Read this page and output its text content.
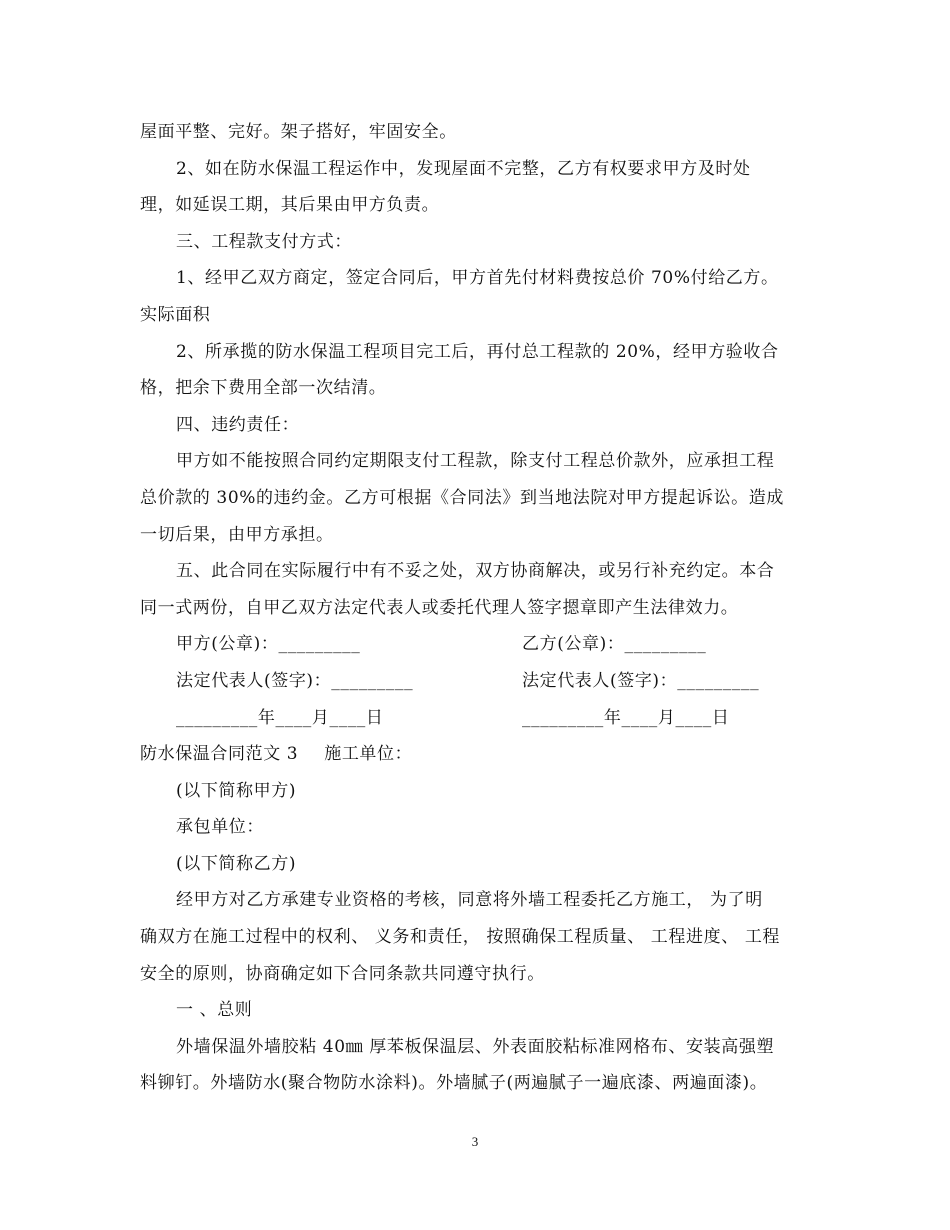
屋面平整、完好。架子搭好，牢固安全。

2、如在防水保温工程运作中，发现屋面不完整，乙方有权要求甲方及时处

理，如延误工期，其后果由甲方负责。

三、工程款支付方式：

1、经甲乙双方商定，签定合同后，甲方首先付材料费按总价 70%付给乙方。

实际面积

2、所承揽的防水保温工程项目完工后，再付总工程款的 20%，经甲方验收合

格，把余下费用全部一次结清。

四、违约责任：

甲方如不能按照合同约定期限支付工程款，除支付工程总价款外，应承担工程

总价款的 30%的违约金。乙方可根据《合同法》到当地法院对甲方提起诉讼。造成

一切后果，由甲方承担。

五、此合同在实际履行中有不妥之处，双方协商解决，或另行补充约定。本合

同一式两份，自甲乙双方法定代表人或委托代理人签字摁章即产生法律效力。

甲方(公章)：_________	乙方(公章)：_________
法定代表人(签字)：_________	法定代表人(签字)：_________
_________年____月____日	_________年____月____日

防水保温合同范文 3 施工单位：

(以下简称甲方)

承包单位：

(以下简称乙方)

经甲方对乙方承建专业资格的考核，同意将外墙工程委托乙方施工， 为了明

确双方在施工过程中的权利、 义务和责任， 按照确保工程质量、 工程进度、 工程

安全的原则，协商确定如下合同条款共同遵守执行。

一 、总则

外墙保温外墙胶粘 40㎜ 厚苯板保温层、外表面胶粘标准网格布、安装高强塑

料铆钉。外墙防水(聚合物防水涂料)。外墙腻子(两遍腻子一遍底漆、两遍面漆)。

3
